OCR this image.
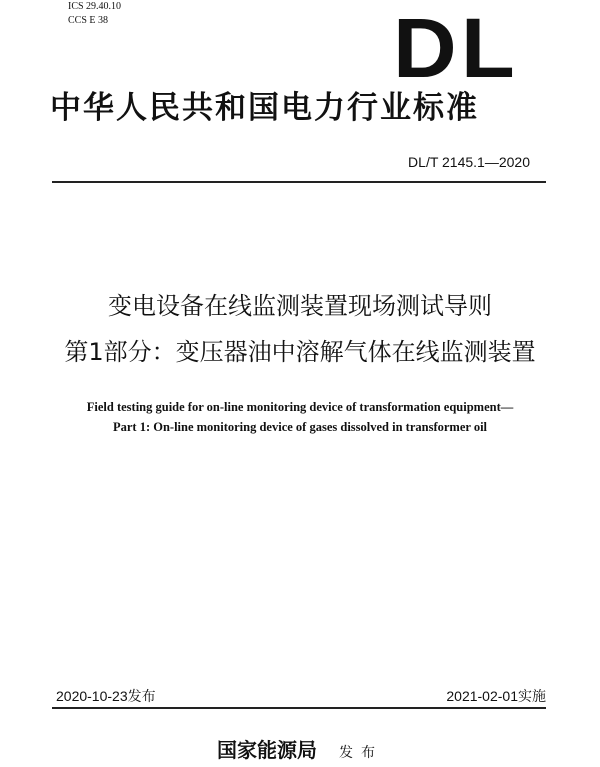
ICS 29.40.10
CCS E 38	DL
中华人民共和国电力行业标准
DL/T 2145.1—2020
变电设备在线监测装置现场测试导则
第1部分：变压器油中溶解气体在线监测装置
Field testing guide for on-line monitoring device of transformation equipment—
Part 1: On-line monitoring device of gases dissolved in transformer oil
2020-10-23发布	2021-02-01实施
国家能源局 发布
